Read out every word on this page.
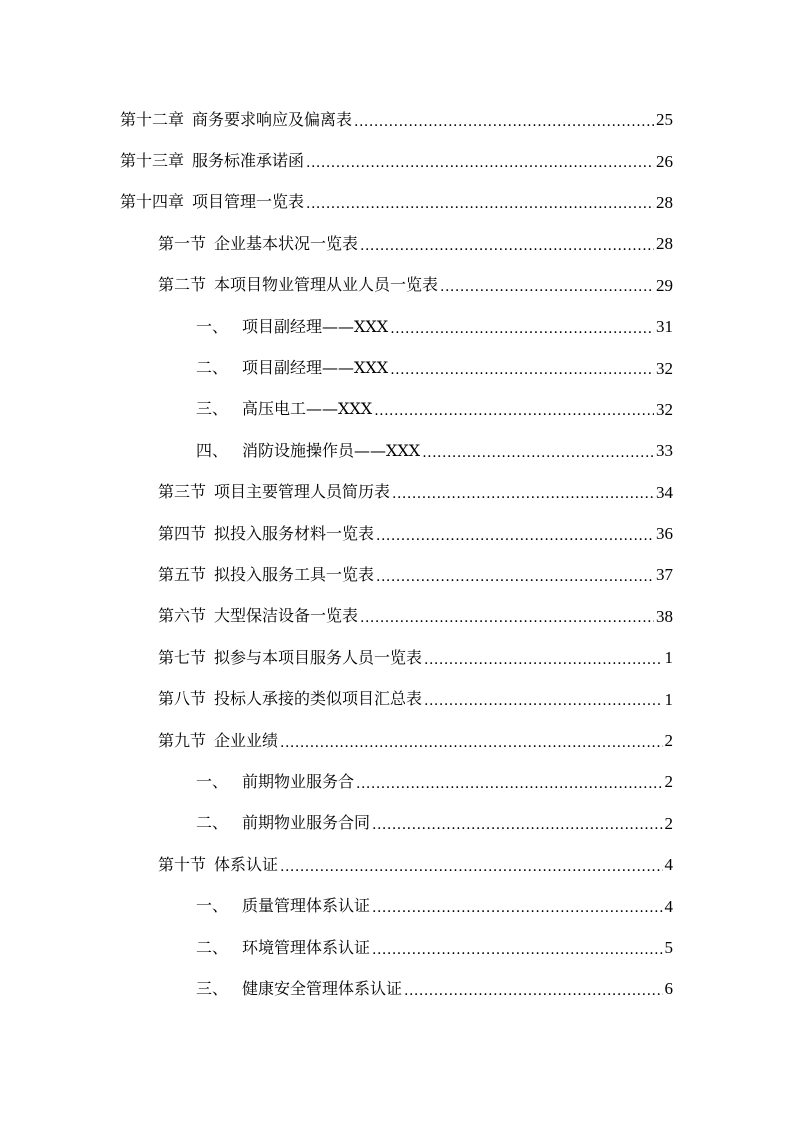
第十二章 商务要求响应及偏离表 .....	25
第十三章 服务标准承诺函 .....	26
第十四章 项目管理一览表 .....	28
第一节 企业基本状况一览表 .....	28
第二节 本项目物业管理从业人员一览表 .....	29
一、 项目副经理——XXX .....	31
二、 项目副经理——XXX .....	32
三、 高压电工——XXX .....	32
四、 消防设施操作员——XXX .....	33
第三节 项目主要管理人员简历表 .....	34
第四节 拟投入服务材料一览表 .....	36
第五节 拟投入服务工具一览表 .....	37
第六节 大型保洁设备一览表 .....	38
第七节 拟参与本项目服务人员一览表 .....	1
第八节 投标人承接的类似项目汇总表 .....	1
第九节 企业业绩 .....	2
一、 前期物业服务合 .....	2
二、 前期物业服务合同 .....	2
第十节 体系认证 .....	4
一、 质量管理体系认证 .....	4
二、 环境管理体系认证 .....	5
三、 健康安全管理体系认证 .....	6
